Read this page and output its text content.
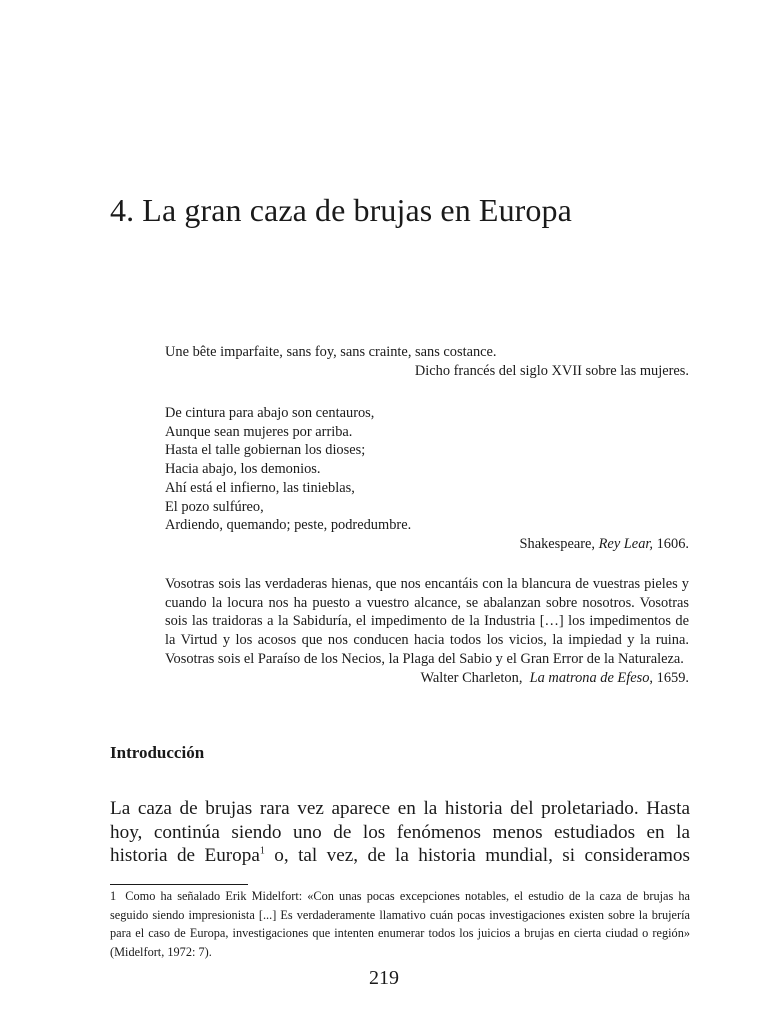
4. La gran caza de brujas en Europa

Une bête imparfaite, sans foy, sans crainte, sans costance.

Dicho francés del siglo XVII sobre las mujeres.

De cintura para abajo son centauros,

Aunque sean mujeres por arriba.

Hasta el talle gobiernan los dioses;

Hacia abajo, los demonios.

Ahí está el infierno, las tinieblas,

El pozo sulfúreo,

Ardiendo, quemando; peste, podredumbre.

Shakespeare, Rey Lear, 1606.

Vosotras sois las verdaderas hienas, que nos encantáis con la blancura de vuestras pieles y cuando la locura nos ha puesto a vuestro alcance, se abalanzan sobre nosotros. Vosotras sois las traidoras a la Sabiduría, el impedimento de la Industria […] los impedimentos de la Virtud y los acosos que nos conducen hacia todos los vicios, la impiedad y la ruina. Vosotras sois el Paraíso de los Necios, la Plaga del Sabio y el Gran Error de la Naturaleza.

Walter Charleton, La matrona de Efeso, 1659.

Introducción

La caza de brujas rara vez aparece en la historia del proletariado. Hasta
hoy, continúa siendo uno de los fenómenos menos estudiados en la
historia de Europa$^1$ o, tal vez, de la historia mundial, si consideramos

1 Como ha señalado Erik Midelfort: «Con unas pocas excepciones notables, el estudio de la caza de brujas ha seguido siendo impresionista [...] Es verdaderamente llamativo cuán pocas investigaciones existen sobre la brujería para el caso de Europa, investigaciones que intenten enumerar todos los juicios a brujas en cierta ciudad o región» (Midelfort, 1972: 7).

219
